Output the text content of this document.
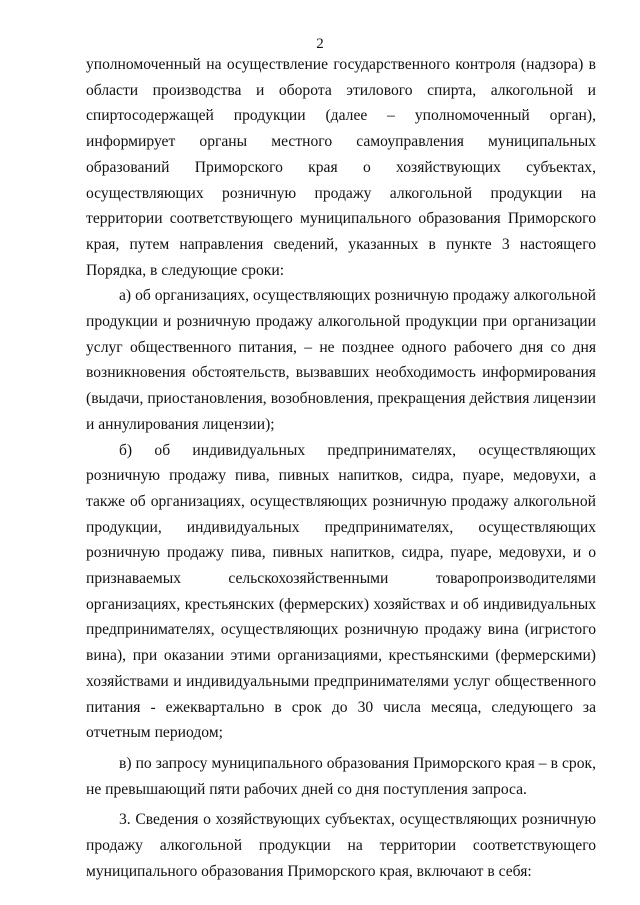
2

уполномоченный на осуществление государственного контроля (надзора) в области производства и оборота этилового спирта, алкогольной и спиртосодержащей продукции (далее – уполномоченный орган), информирует органы местного самоуправления муниципальных образований Приморского края о хозяйствующих субъектах, осуществляющих розничную продажу алкогольной продукции на территории соответствующего муниципального образования Приморского края, путем направления сведений, указанных в пункте 3 настоящего Порядка, в следующие сроки:

а) об организациях, осуществляющих розничную продажу алкогольной продукции и розничную продажу алкогольной продукции при организации услуг общественного питания, – не позднее одного рабочего дня со дня возникновения обстоятельств, вызвавших необходимость информирования (выдачи, приостановления, возобновления, прекращения действия лицензии и аннулирования лицензии);

б) об индивидуальных предпринимателях, осуществляющих розничную продажу пива, пивных напитков, сидра, пуаре, медовухи, а также об организациях, осуществляющих розничную продажу алкогольной продукции, индивидуальных предпринимателях, осуществляющих розничную продажу пива, пивных напитков, сидра, пуаре, медовухи, и о признаваемых сельскохозяйственными товаропроизводителями организациях, крестьянских (фермерских) хозяйствах и об индивидуальных предпринимателях, осуществляющих розничную продажу вина (игристого вина), при оказании этими организациями, крестьянскими (фермерскими) хозяйствами и индивидуальными предпринимателями услуг общественного питания - ежеквартально в срок до 30 числа месяца, следующего за отчетным периодом;

в) по запросу муниципального образования Приморского края – в срок, не превышающий пяти рабочих дней со дня поступления запроса.

3. Сведения о хозяйствующих субъектах, осуществляющих розничную продажу алкогольной продукции на территории соответствующего муниципального образования Приморского края, включают в себя:
